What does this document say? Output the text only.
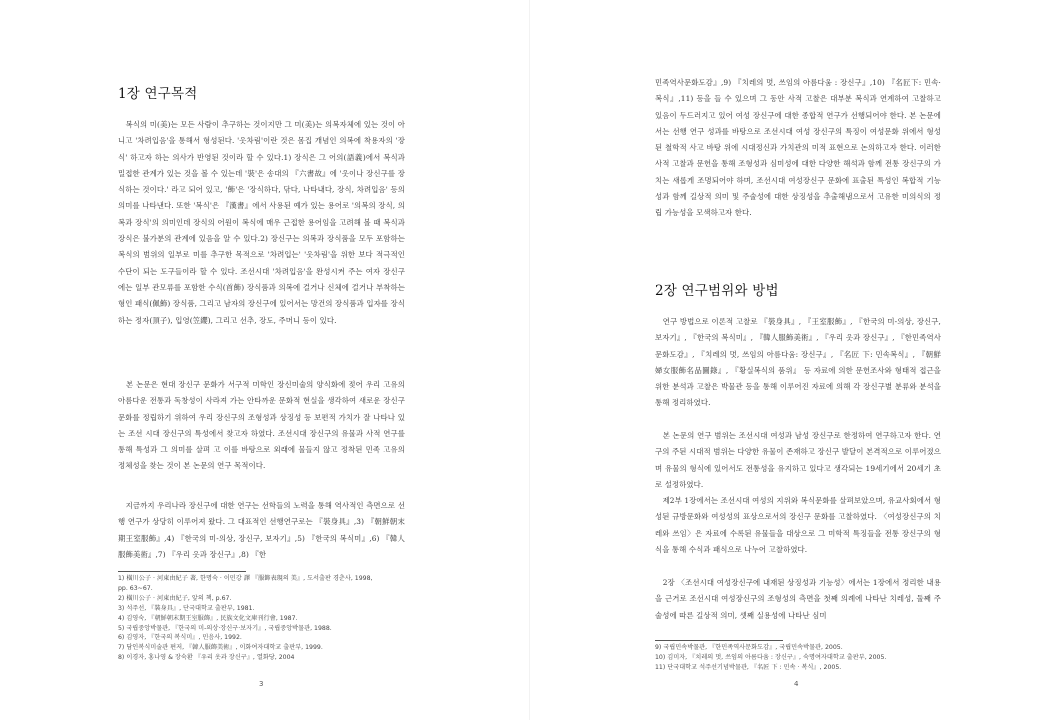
1장 연구목적

　복식의 미(美)는 모든 사람이 추구하는 것이지만 그 미(美)는 의복자체에 있는 것이 아니고 '차려입음'을 통해서 형성된다. '옷차림'이란 것은 몸집 개념인 의복에 착용자의 '장식' 하고자 하는 의사가 반영된 것이라 할 수 있다.1) 장식은 그 어의(語義)에서 복식과 밀접한 관계가 있는 것을 볼 수 있는데 '裝'은 송대의 『六書故』에 '옷이나 장신구를 장식하는 것이다.' 라고 되어 있고, '飾'은 '장식하다, 닦다, 나타내다, 장식, 차려입음' 등의 의미를 나타낸다. 또한 '복식'은 『漢書』에서 사용된 예가 있는 용어로 '의복의 장식, 의복과 장식'의 의미인데 장식의 어원이 복식에 매우 근접한 용어임을 고려해 볼 때 복식과 장식은 불가분의 관계에 있음을 알 수 있다.2) 장신구는 의복과 장식품을 모두 포함하는 복식의 범위의 일부로 미를 추구한 목적으로 '차려입는' '옷차림'을 위한 보다 적극적인 수단이 되는 도구들이라 할 수 있다. 조선시대 '차려입음'을 완성시켜 주는 여자 장신구에는 일부 관모류를 포함한 수식(首飾) 장식품과 의복에 걸거나 신체에 걸거나 부착하는 형인 패식(佩飾) 장식품, 그리고 남자의 장신구에 있어서는 망건의 장식품과 입자를 장식하는 정자(頂子), 입영(笠纓), 그리고 선추, 장도, 주머니 등이 있다.

　본 논문은 현대 장신구 문화가 서구적 미학인 장신미술의 양식화에 젖어 우리 고유의 아름다운 전통과 독창성이 사라져 가는 안타까운 문화적 현실을 생각하여 새로운 장신구 문화를 정립하기 위하여 우리 장신구의 조형성과 상징성 등 보편적 가치가 잘 나타나 있는 조선 시대 장신구의 특성에서 찾고자 하였다. 조선시대 장신구의 유물과 사적 연구를 통해 특성과 그 의미를 살펴 고 이를 바탕으로 외래에 물들지 않고 정착된 민족 고유의 정체성을 찾는 것이 본 논문의 연구 목적이다.

　지금까지 우리나라 장신구에 대한 연구는 선학들의 노력을 통해 역사적인 측면으로 선행 연구가 상당히 이루어져 왔다. 그 대표적인 선행연구로는 『裝身具』,3) 『朝鮮朝末期王室服飾』,4) 『한국의 미-의상, 장신구, 보자기』,5) 『한국의 복식미』,6) 『韓人服飾美術』,7) 『우리 옷과 장신구』,8) 『한

1) 橫川公子 · 河東由紀子 著, 한명숙 · 이민강 譯 『服飾表現의 美』, 도서출판 경춘사, 1998,
pp. 63~67.
2) 橫川公子 · 河東由紀子, 앞의 책, p.67.
3) 석주선, 『裝身具』, 단국대학교 출판부, 1981.
4) 김영숙, 『朝鮮朝末期王室服飾』, 民族文化文庫刊行會, 1987.
5) 국립중앙박물관, 『한국의 미-의상·장신구·보자기』, 국립중앙박물관, 1988.
6) 김영자, 『한국의 복식미』, 민음사, 1992.
7) 담인복식미술관 편저, 『韓人服飾美術』, 이화여자대학교 출판부, 1999.
8) 이경자, 홍나영 & 장숙환 『우리 옷과 장신구』, 열화당, 2004
3

민족역사문화도감』,9) 『치레의 멋, 쓰임의 아름다움 : 장신구』,10) 『名匠下: 민속·복식』,11) 등을 들 수 있으며 그 동안 사적 고찰은 대부분 복식과 연계하여 고찰하고 있음이 두드러지고 있어 여성 장신구에 대한 종합적 연구가 선행되어야 한다. 본 논문에서는 선행 연구 성과를 바탕으로 조선시대 여성 장신구의 특징이 여성문화 위에서 형성된 철학적 사고 바탕 위에 시대정신과 가치관의 미적 표현으로 논의하고자 한다. 이러한 사적 고찰과 문헌을 통해 조형성과 심미성에 대한 다양한 해석과 함께 전통 장신구의 가치는 새롭게 조명되어야 하며, 조선시대 여성장신구 문화에 표출된 특성인 복합적 기능성과 함께 길상적 의미 및 주술성에 대한 상징성을 추출해냄으로서 고유한 미의식의 정립 가능성을 모색하고자 한다.

2장 연구범위와 방법

　연구 방법으로 이론적 고찰로 『裝身具』, 『王室服飾』, 『한국의 미-의상, 장신구, 보자기』, 『한국의 복식미』, 『韓人服飾美術』, 『우리 옷과 장신구』, 『한민족역사문화도감』, 『치레의 멋, 쓰임의 아름다움: 장신구』, 『名匠 下: 민속복식』, 『朝鮮婦女服飾名品圖錄』, 『황실복식의 품위』 등 자료에 의한 문헌조사와 형태적 접근을 위한 분석과 고찰은 박물관 등을 통해 이루어진 자료에 의해 각 장신구별 분류와 분석을 통해 정리하였다.

　본 논문의 연구 범위는 조선시대 여성과 남성 장신구로 한정하여 연구하고자 한다. 연구의 주된 시대적 범위는 다양한 유물이 존재하고 장신구 발달이 본격적으로 이루어졌으며 유물의 형식에 있어서도 전통성을 유지하고 있다고 생각되는 19세기에서 20세기 초로 설정하였다.

　제2부 1장에서는 조선시대 여성의 지위와 복식문화를 살펴보았으며, 유교사회에서 형성된 규방문화와 여성성의 표상으로서의 장신구 문화를 고찰하였다. 〈여성장신구의 치레와 쓰임〉은 자료에 수록된 유물들을 대상으로 그 미학적 특징들을 전통 장신구의 형식을 통해 수식과 패식으로 나누어 고찰하였다.

　2장 〈조선시대 여성장신구에 내재된 상징성과 기능성〉에서는 1장에서 정리한 내용을 근거로 조선시대 여성장신구의 조형성의 측면을 첫째 의례에 나타난 치레성, 둘째 주술성에 따른 길상적 의미, 셋째 실용성에 나타난 심미

9) 국립민속박물관, 『한민족역사문화도감』, 국립민속박물관, 2005.
10) 김미자, 『치레의 멋, 쓰임의 아름다움 : 장신구』, 숙명여자대학교 출판부, 2005.
11) 단국대학교 석주선기념박물관, 『名匠 下 : 민속 · 복식』, 2005.
4
